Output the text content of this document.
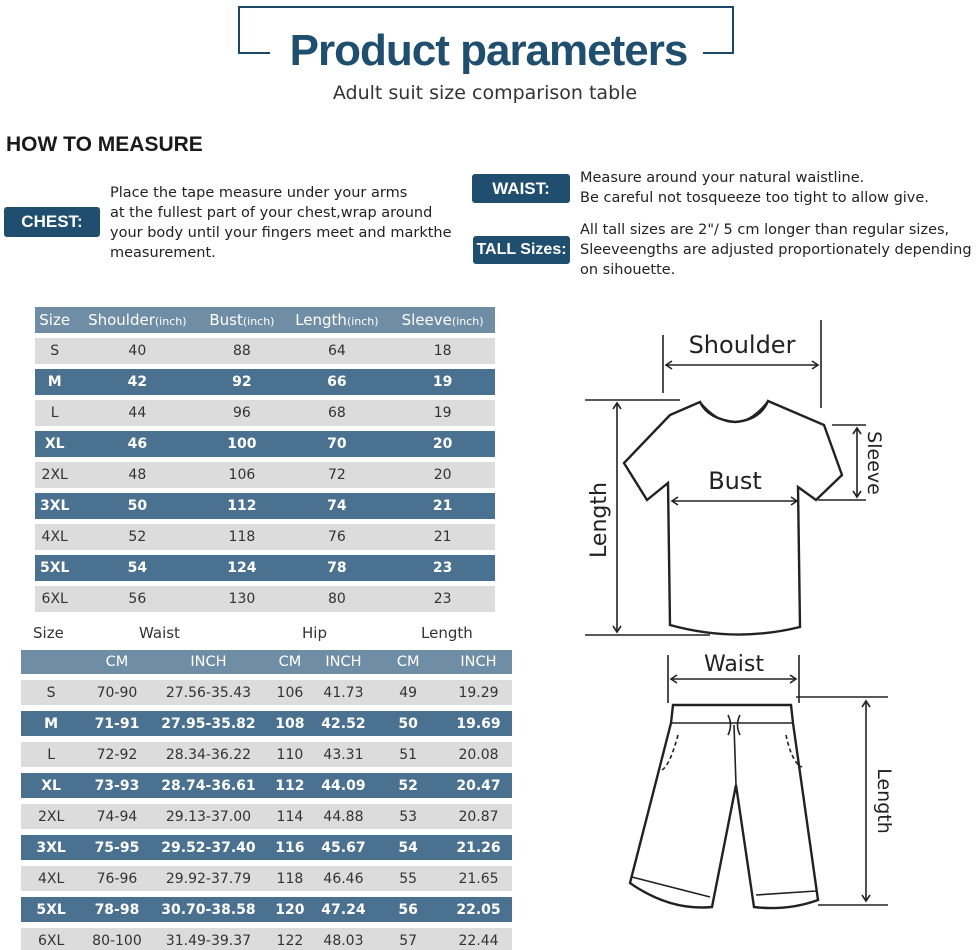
Product parameters
Adult suit size comparison table
HOW TO MEASURE
CHEST:
Place the tape measure under your arms
at the fullest part of your chest,wrap around
your body until your fingers meet and markthe
measurement.
WAIST:
Measure around your natural waistline.
Be careful not tosqueeze too tight to allow give.
TALL Sizes:
All tall sizes are 2"/ 5 cm longer than regular sizes,
Sleeveengths are adjusted proportionately depending
on sihouette.
Size	Shoulder(inch)	Bust(inch)	Length(inch)	Sleeve(inch)
S	40	88	64	18
M	42	92	66	19
L	44	96	68	19
XL	46	100	70	20
2XL	48	106	72	20
3XL	50	112	74	21
4XL	52	118	76	21
5XL	54	124	78	23
6XL	56	130	80	23
Size	Waist	Hip	Length
	CM	INCH	CM	INCH	CM	INCH
S	70-90	27.56-35.43	106	41.73	49	19.29
M	71-91	27.95-35.82	108	42.52	50	19.69
L	72-92	28.34-36.22	110	43.31	51	20.08
XL	73-93	28.74-36.61	112	44.09	52	20.47
2XL	74-94	29.13-37.00	114	44.88	53	20.87
3XL	75-95	29.52-37.40	116	45.67	54	21.26
4XL	76-96	29.92-37.79	118	46.46	55	21.65
5XL	78-98	30.70-38.58	120	47.24	56	22.05
6XL	80-100	31.49-39.37	122	48.03	57	22.44
Shoulder
Bust
Length
Sleeve
Waist
Length
